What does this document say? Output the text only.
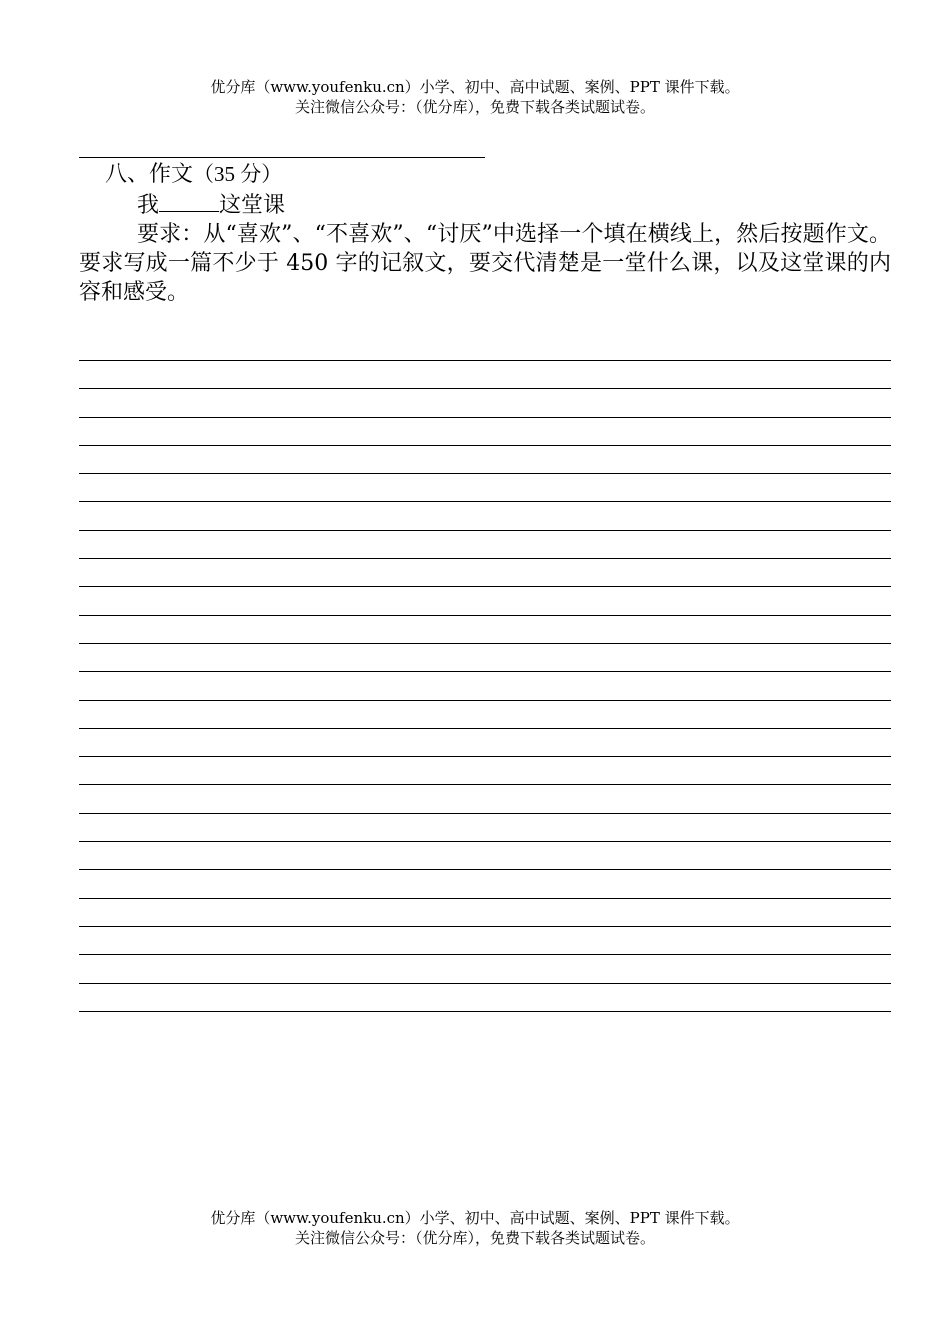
优分库（www.youfenku.cn）小学、初中、高中试题、案例、PPT 课件下载。
关注微信公众号：（优分库），免费下载各类试题试卷。
八、作文（35 分）
我	这堂课
要求：从“喜欢”、“不喜欢”、“讨厌”中选择一个填在横线上，然后按题作文。要求写成一篇不少于 450 字的记叙文，要交代清楚是一堂什么课，以及这堂课的内容和感受。
优分库（www.youfenku.cn）小学、初中、高中试题、案例、PPT 课件下载。
关注微信公众号：（优分库），免费下载各类试题试卷。
